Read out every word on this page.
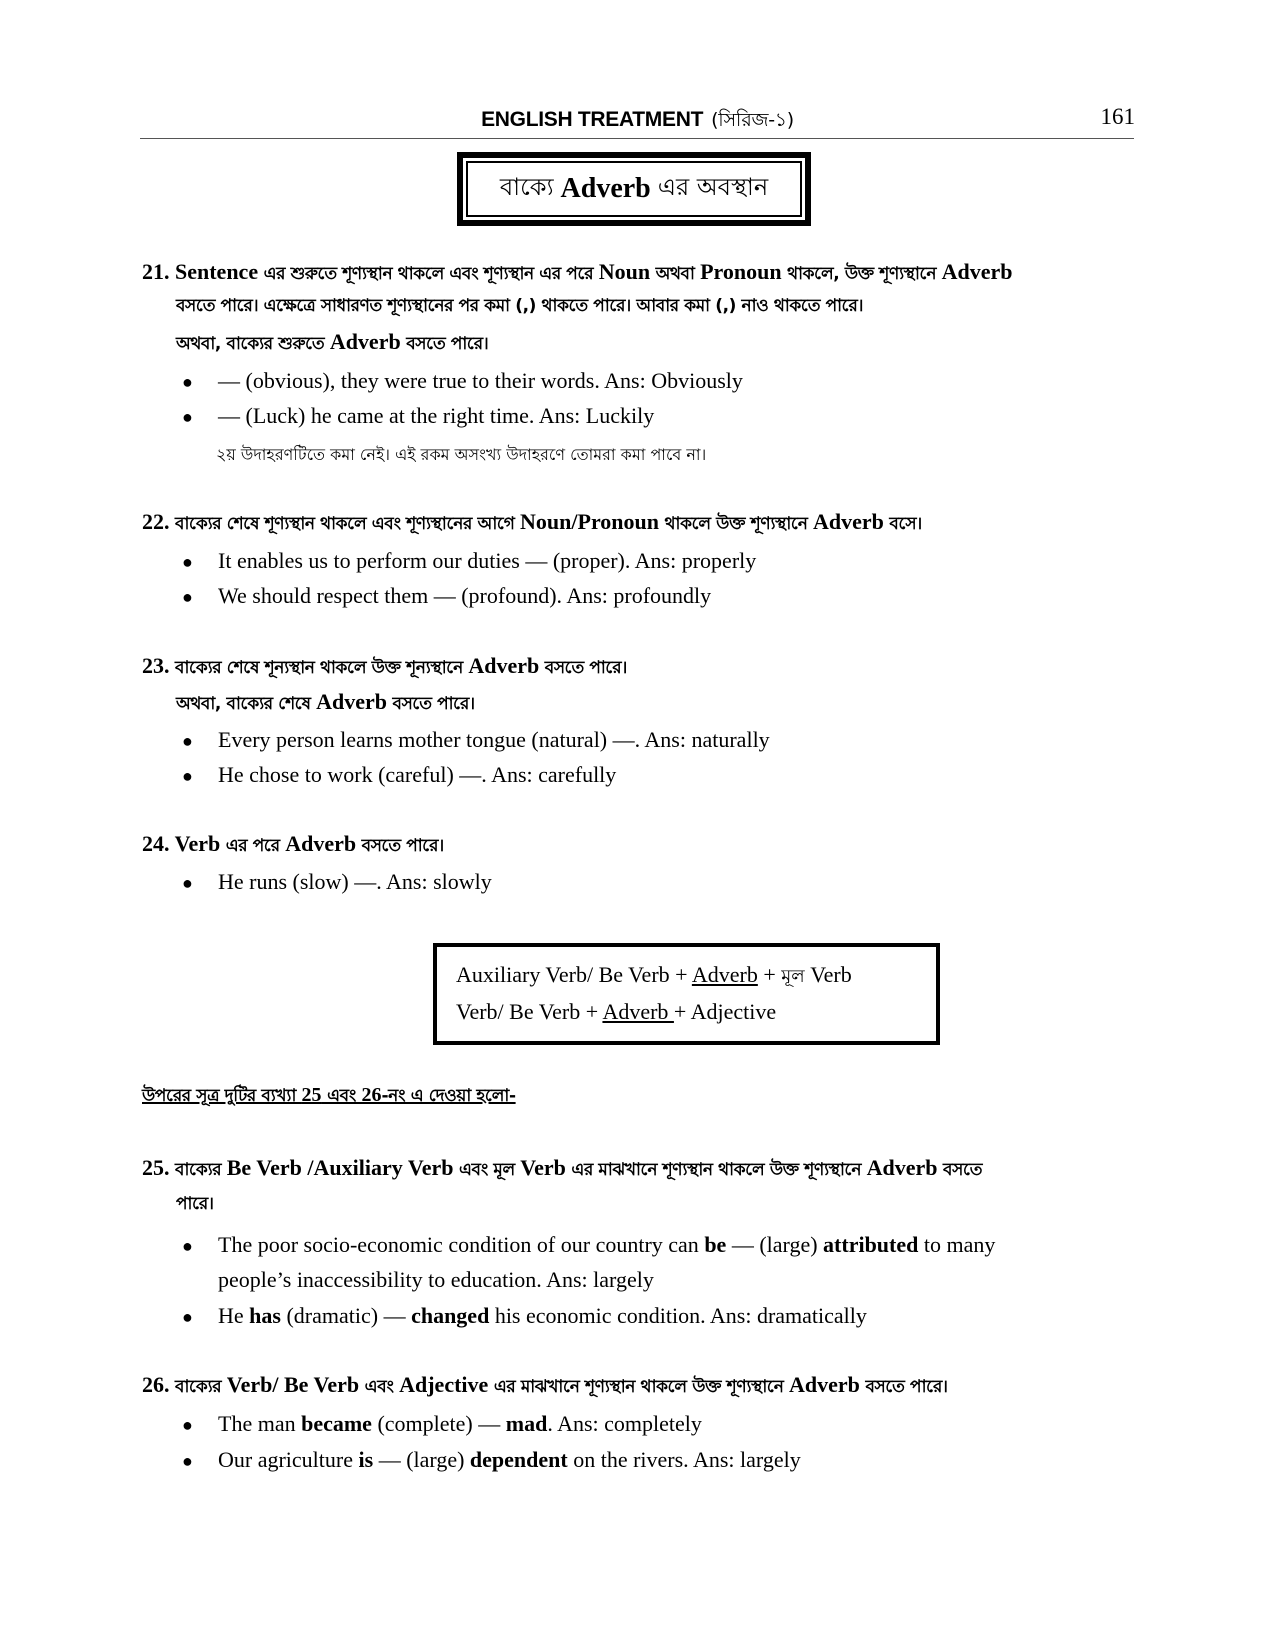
ENGLISH TREATMENT (সিরিজ-১)	161
বাক্যে
Adverb
এর অবস্থান
21. Sentence এর শুরুতে শূণ্যস্থান থাকলে এবং শূণ্যস্থান এর পরে Noun অথবা Pronoun থাকলে, উক্ত শূণ্যস্থানে Adverb
বসতে পারে। এক্ষেত্রে সাধারণত শূণ্যস্থানের পর কমা (,) থাকতে পারে। আবার কমা (,) নাও থাকতে পারে।
অথবা, বাক্যের শুরুতে Adverb বসতে পারে।
● — (obvious), they were true to their words. Ans: Obviously
● — (Luck) he came at the right time. Ans: Luckily
২য় উদাহরণটিতে কমা নেই। এই রকম অসংখ্য উদাহরণে তোমরা কমা পাবে না।
22. বাক্যের শেষে শূণ্যস্থান থাকলে এবং শূণ্যস্থানের আগে Noun/Pronoun থাকলে উক্ত শূণ্যস্থানে Adverb বসে।
● It enables us to perform our duties — (proper). Ans: properly
● We should respect them — (profound). Ans: profoundly
23. বাক্যের শেষে শূন্যস্থান থাকলে উক্ত শূন্যস্থানে Adverb বসতে পারে।
অথবা, বাক্যের শেষে Adverb বসতে পারে।
● Every person learns mother tongue (natural) —. Ans: naturally
● He chose to work (careful) —. Ans: carefully
24. Verb এর পরে Adverb বসতে পারে।
● He runs (slow) —. Ans: slowly
Auxiliary Verb/ Be Verb + Adverb + মূল Verb
Verb/ Be Verb + Adverb + Adjective
উপরের সূত্র দুটির ব্যখ্যা 25 এবং 26-নং এ দেওয়া হলো-
25. বাক্যের Be Verb /Auxiliary Verb এবং মূল Verb এর মাঝখানে শূণ্যস্থান থাকলে উক্ত শূণ্যস্থানে Adverb বসতে
পারে।
● The poor socio-economic condition of our country can be — (large) attributed to many
people’s inaccessibility to education. Ans: largely
● He has (dramatic) — changed his economic condition. Ans: dramatically
26. বাক্যের Verb/ Be Verb এবং Adjective এর মাঝখানে শূণ্যস্থান থাকলে উক্ত শূণ্যস্থানে Adverb বসতে পারে।
● The man became (complete) — mad. Ans: completely
● Our agriculture is — (large) dependent on the rivers. Ans: largely
